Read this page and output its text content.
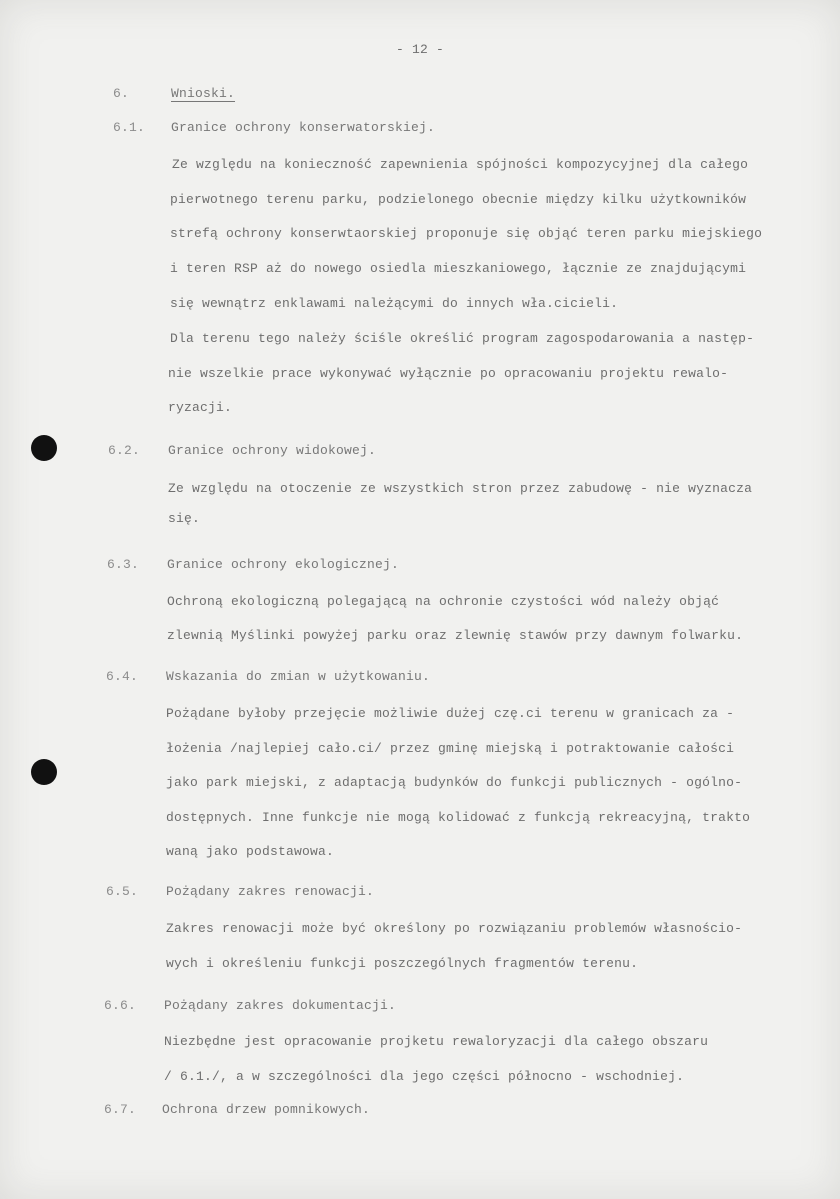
- 12 -
6.	Wnioski.
6.1. Granice ochrony konserwatorskiej.
Ze względu na konieczność zapewnienia spójności kompozycyjnej dla całego
pierwotnego terenu parku, podzielonego obecnie między kilku użytkowników
strefą ochrony konserwtaorskiej proponuje się objąć teren parku miejskiego
i teren RSP aż do nowego osiedla mieszkaniowego, łącznie ze znajdującymi
się wewnątrz enklawami należącymi do innych wła.cicieli.
Dla terenu tego należy ściśle określić program zagospodarowania a następ-
nie wszelkie prace wykonywać wyłącznie po opracowaniu projektu rewalo-
ryzacji.
6.2. Granice ochrony widokowej.
Ze względu na otoczenie ze wszystkich stron przez zabudowę - nie wyznacza
się.
6.3. Granice ochrony ekologicznej.
Ochroną ekologiczną polegającą na ochronie czystości wód należy objąć
zlewnią Myślinki powyżej parku oraz zlewnię stawów przy dawnym folwarku.
6.4. Wskazania do zmian w użytkowaniu.
Pożądane byłoby przejęcie możliwie dużej czę.ci terenu w granicach za -
łożenia /najlepiej cało.ci/ przez gminę miejską i potraktowanie całości
jako park miejski, z adaptacją budynków do funkcji publicznych - ogólno-
dostępnych. Inne funkcje nie mogą kolidować z funkcją rekreacyjną, trakto
waną jako podstawowa.
6.5. Pożądany zakres renowacji.
Zakres renowacji może być określony po rozwiązaniu problemów własnościo-
wych i określeniu funkcji poszczególnych fragmentów terenu.
6.6. Pożądany zakres dokumentacji.
Niezbędne jest opracowanie projketu rewaloryzacji dla całego obszaru
/ 6.1./, a w szczególności dla jego części północno - wschodniej.
6.7. Ochrona drzew pomnikowych.
